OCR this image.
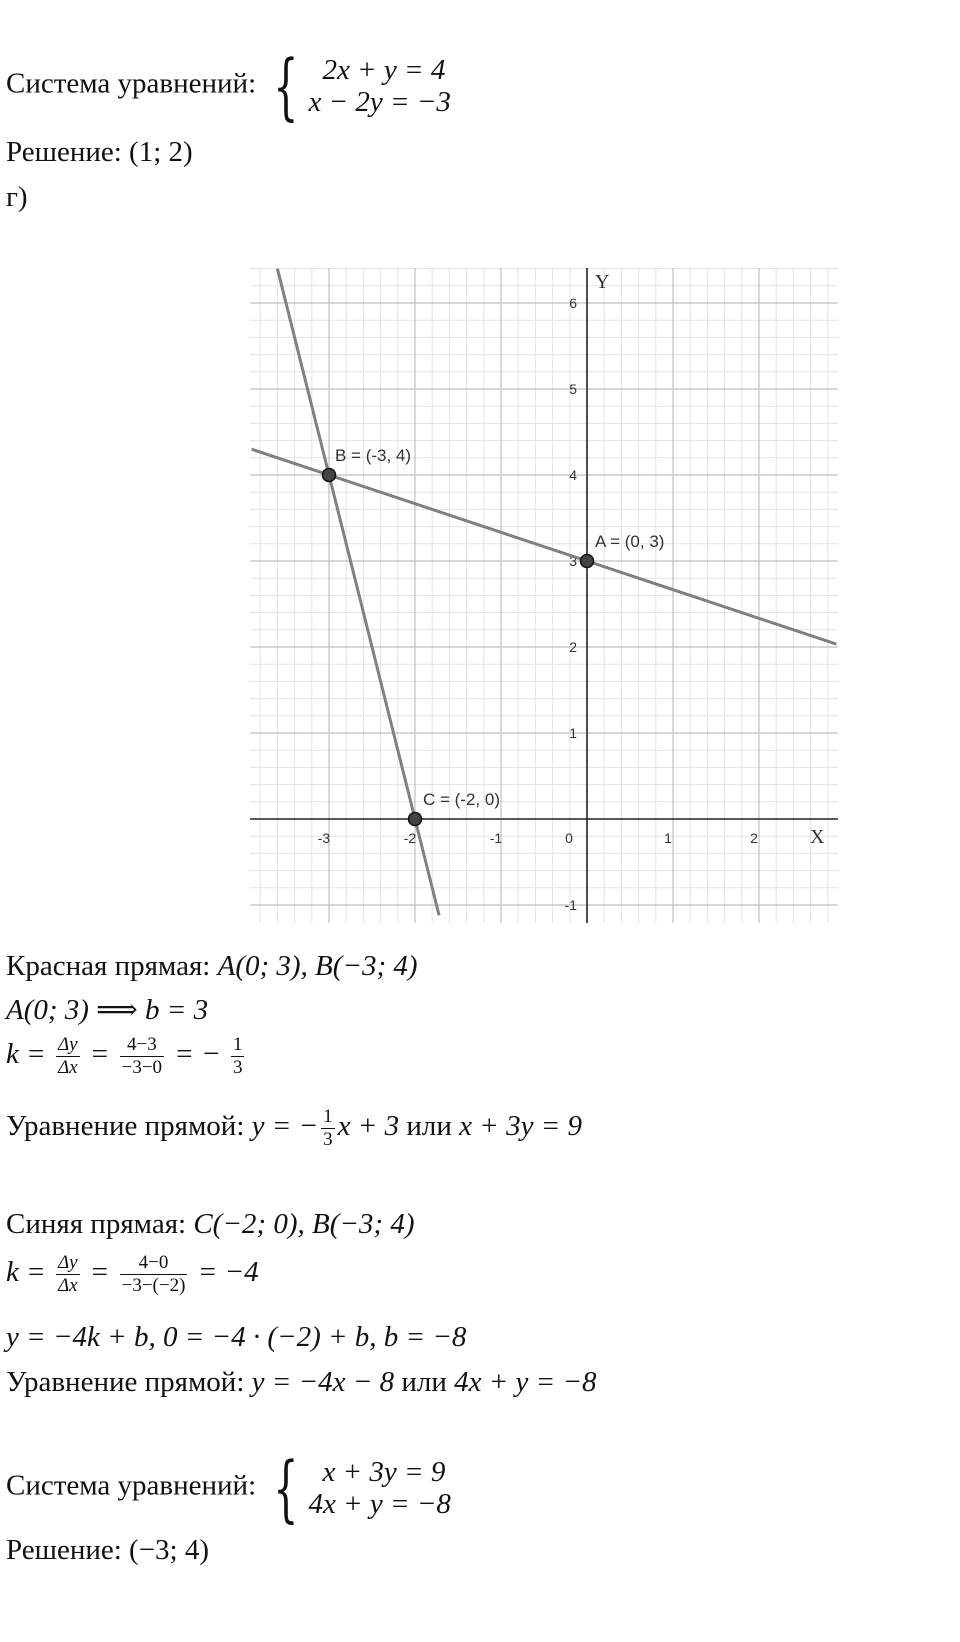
Система уравнений: { 2x + y = 4
x − 2y = −3
Решение: (1; 2)
г)
-3	-2	-1	0	1	2
-1
1
2
3
4
5
6
X
Y
B = (-3, 4)
A = (0, 3)
C = (-2, 0)
Красная прямая: A(0; 3), B(−3; 4)
A(0; 3) ⟹ b = 3
$k = \frac{\Delta y}{\Delta x} = \frac{4-3}{-3-0}$ = − $\frac{1}{3}$
Уравнение прямой: y = − $\frac{1}{3}$ x + 3 или x + 3y = 9
Синяя прямая: C(−2; 0), B(−3; 4)
$k = \frac{\Delta y}{\Delta x} = \frac{4-0}{-3-(-2)} = -4$
y = −4k + b, 0 = −4 · (−2) + b, b = −8
Уравнение прямой: y = −4x − 8 или 4x + y = −8
Система уравнений: { x + 3y = 9
4x + y = −8
Решение: (−3; 4)
